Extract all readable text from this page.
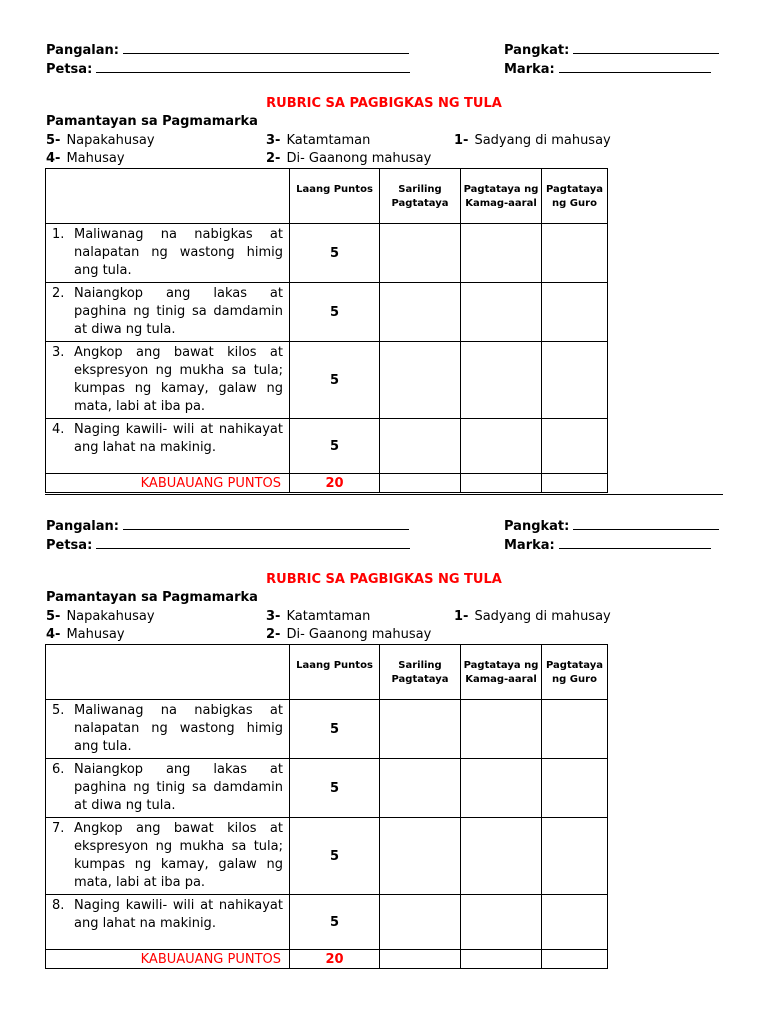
Pangalan:	Pangkat:
Petsa:	Marka:
RUBRIC SA PAGBIGKAS NG TULA
Pamantayan sa Pagmamarka
5- Napakahusay
4- Mahusay
3- Katamtaman
2- Di- Gaanong mahusay
1- Sadyang di mahusay
	Laang Puntos	Sariling Pagtataya	Pagtataya ng Kamag-aaral	Pagtataya ng Guro

1. Maliwanag na nabigkas at nalapatan ng wastong himig ang tula.	5			

2. Naiangkop ang lakas at paghina ng tinig sa damdamin at diwa ng tula.	5			

3. Angkop ang bawat kilos at ekspresyon ng mukha sa tula; kumpas ng kamay, galaw ng mata, labi at iba pa.	5			

4. Naging kawili- wili at nahikayat ang lahat na makinig.	5			
KABUAUANG PUNTOS	20			
Pangalan:	Pangkat:
Petsa:	Marka:
RUBRIC SA PAGBIGKAS NG TULA
Pamantayan sa Pagmamarka
5- Napakahusay
4- Mahusay
3- Katamtaman
2- Di- Gaanong mahusay
1- Sadyang di mahusay
	Laang Puntos	Sariling Pagtataya	Pagtataya ng Kamag-aaral	Pagtataya ng Guro

5. Maliwanag na nabigkas at nalapatan ng wastong himig ang tula.	5			

6. Naiangkop ang lakas at paghina ng tinig sa damdamin at diwa ng tula.	5			

7. Angkop ang bawat kilos at ekspresyon ng mukha sa tula; kumpas ng kamay, galaw ng mata, labi at iba pa.	5			

8. Naging kawili- wili at nahikayat ang lahat na makinig.	5			
KABUAUANG PUNTOS	20			
